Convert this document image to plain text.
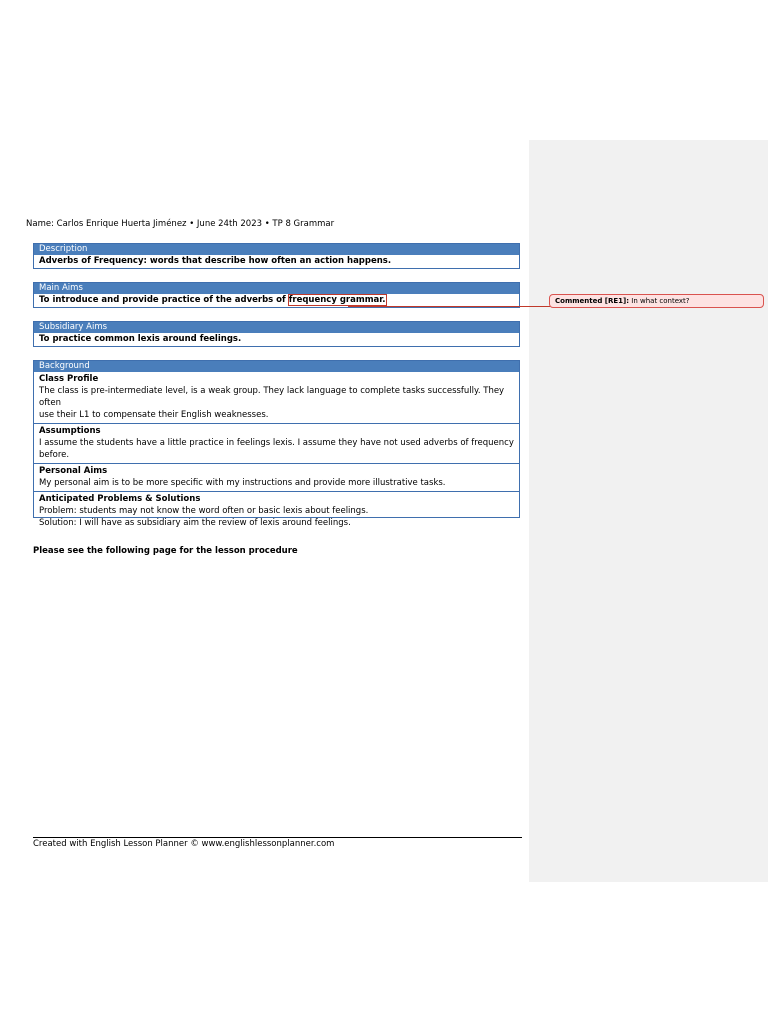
Name: Carlos Enrique Huerta Jiménez • June 24th 2023 • TP 8 Grammar
Description
Adverbs of Frequency: words that describe how often an action happens.
Main Aims
To introduce and provide practice of the adverbs of frequency grammar.	Commented [RE1]: In what context?
Subsidiary Aims
To practice common lexis around feelings.
Background
Class Profile
The class is pre-intermediate level, is a weak group. They lack language to complete tasks successfully. They often
use their L1 to compensate their English weaknesses.
Assumptions
I assume the students have a little practice in feelings lexis. I assume they have not used adverbs of frequency
before.
Personal Aims
My personal aim is to be more specific with my instructions and provide more illustrative tasks.
Anticipated Problems & Solutions
Problem: students may not know the word often or basic lexis about feelings.
Solution: I will have as subsidiary aim the review of lexis around feelings.
Please see the following page for the lesson procedure
Created with English Lesson Planner © www.englishlessonplanner.com
